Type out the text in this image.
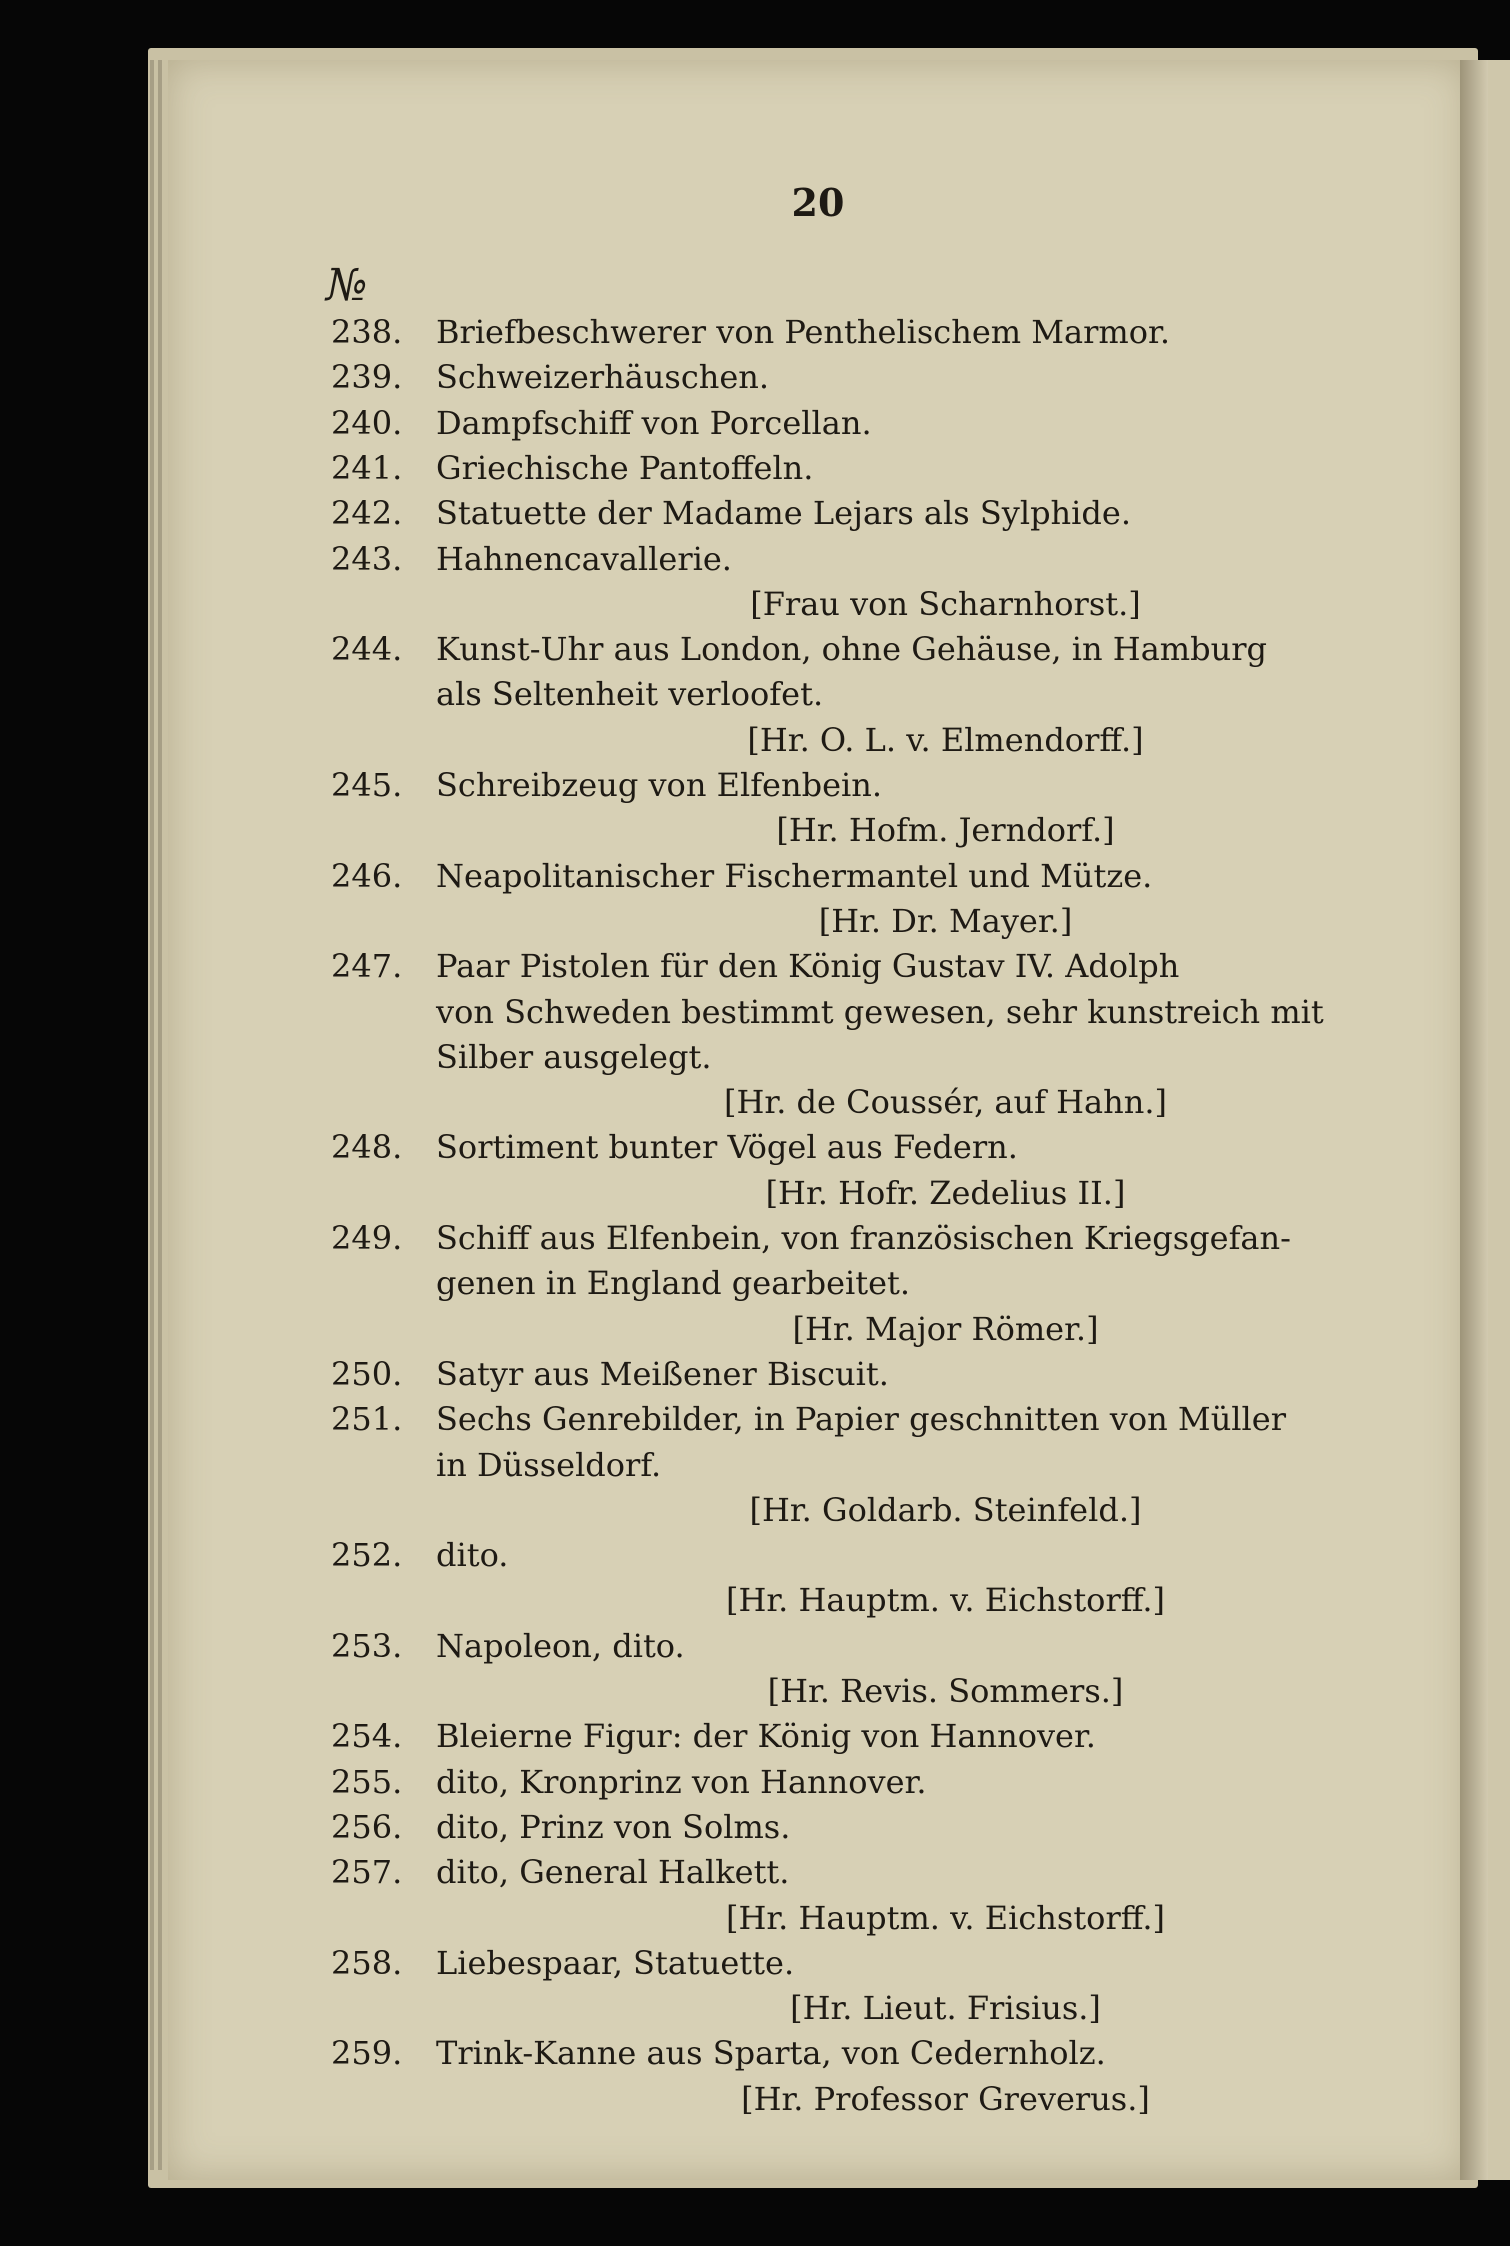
20
№
238.	Briefbeschwerer von Penthelischem Marmor.
239.	Schweizerhäuschen.
240.	Dampfschiff von Porcellan.
241.	Griechische Pantoffeln.
242.	Statuette der Madame Lejars als Sylphide.
243.	Hahnencavallerie.
[Frau von Scharnhorst.]
244.	Kunst-Uhr aus London, ohne Gehäuse, in Hamburg
als Seltenheit verloofet.
[Hr. O. L. v. Elmendorff.]
245.	Schreibzeug von Elfenbein.
[Hr. Hofm. Jerndorf.]
246.	Neapolitanischer Fischermantel und Mütze.
[Hr. Dr. Mayer.]
247.	Paar Pistolen für den König Gustav IV. Adolph
von Schweden bestimmt gewesen, sehr kunstreich mit
Silber ausgelegt.
[Hr. de Coussér, auf Hahn.]
248.	Sortiment bunter Vögel aus Federn.
[Hr. Hofr. Zedelius II.]
249.	Schiff aus Elfenbein, von französischen Kriegsgefan-
genen in England gearbeitet.
[Hr. Major Römer.]
250.	Satyr aus Meißener Biscuit.
251.	Sechs Genrebilder, in Papier geschnitten von Müller
in Düsseldorf.
[Hr. Goldarb. Steinfeld.]
252.	dito.
[Hr. Hauptm. v. Eichstorff.]
253.	Napoleon, dito.
[Hr. Revis. Sommers.]
254.	Bleierne Figur: der König von Hannover.
255.	dito, Kronprinz von Hannover.
256.	dito, Prinz von Solms.
257.	dito, General Halkett.
[Hr. Hauptm. v. Eichstorff.]
258.	Liebespaar, Statuette.
[Hr. Lieut. Frisius.]
259.	Trink-Kanne aus Sparta, von Cedernholz.
[Hr. Professor Greverus.]
